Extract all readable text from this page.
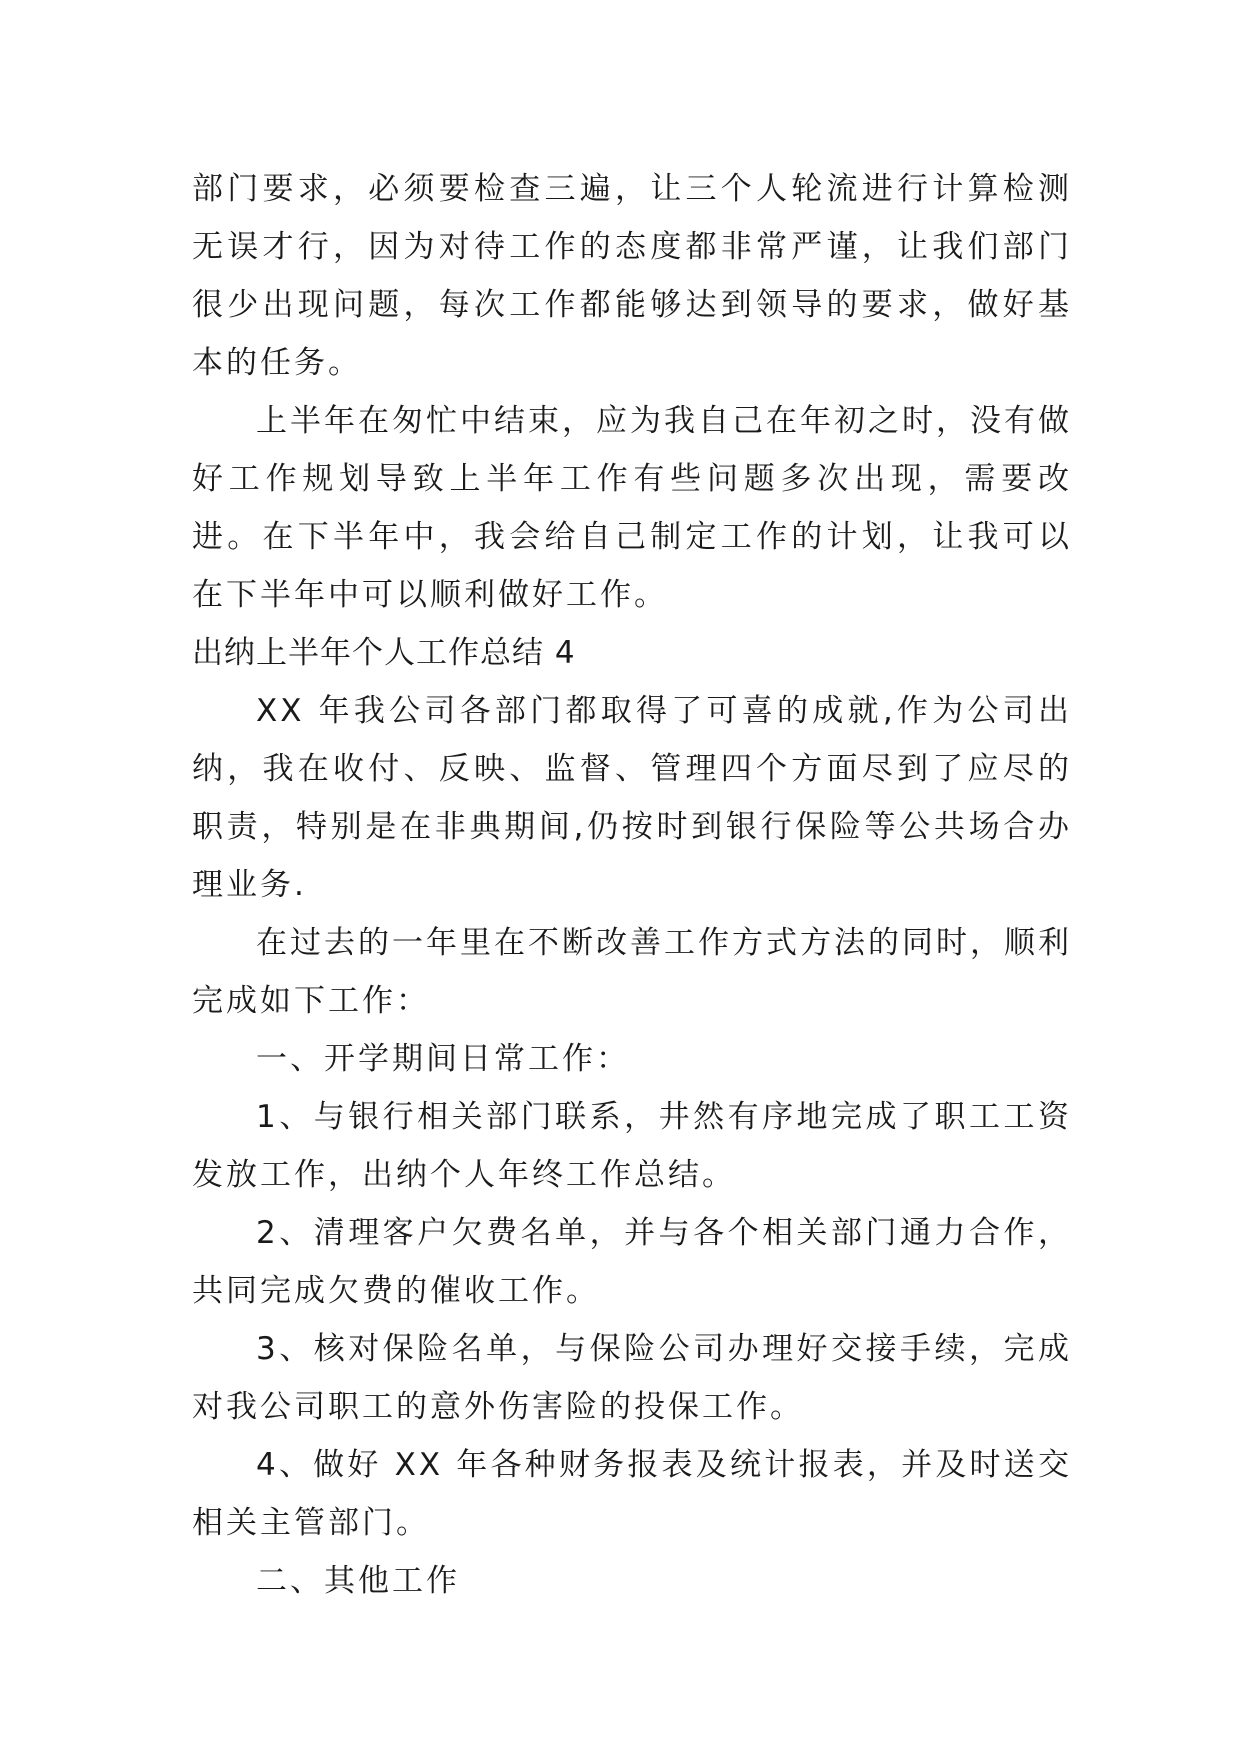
部门要求，必须要检查三遍，让三个人轮流进行计算检测无误才行，因为对待工作的态度都非常严谨，让我们部门很少出现问题，每次工作都能够达到领导的要求，做好基本的任务。

上半年在匆忙中结束，应为我自己在年初之时，没有做好工作规划导致上半年工作有些问题多次出现，需要改进。在下半年中，我会给自己制定工作的计划，让我可以在下半年中可以顺利做好工作。

出纳上半年个人工作总结 4

XX 年我公司各部门都取得了可喜的成就,作为公司出纳，我在收付、反映、监督、管理四个方面尽到了应尽的职责，特别是在非典期间,仍按时到银行保险等公共场合办理业务.

在过去的一年里在不断改善工作方式方法的同时，顺利完成如下工作：

一、开学期间日常工作：

1、与银行相关部门联系，井然有序地完成了职工工资发放工作，出纳个人年终工作总结。

2、清理客户欠费名单，并与各个相关部门通力合作，共同完成欠费的催收工作。

3、核对保险名单，与保险公司办理好交接手续，完成对我公司职工的意外伤害险的投保工作。

4、做好 XX 年各种财务报表及统计报表，并及时送交相关主管部门。

二、其他工作
